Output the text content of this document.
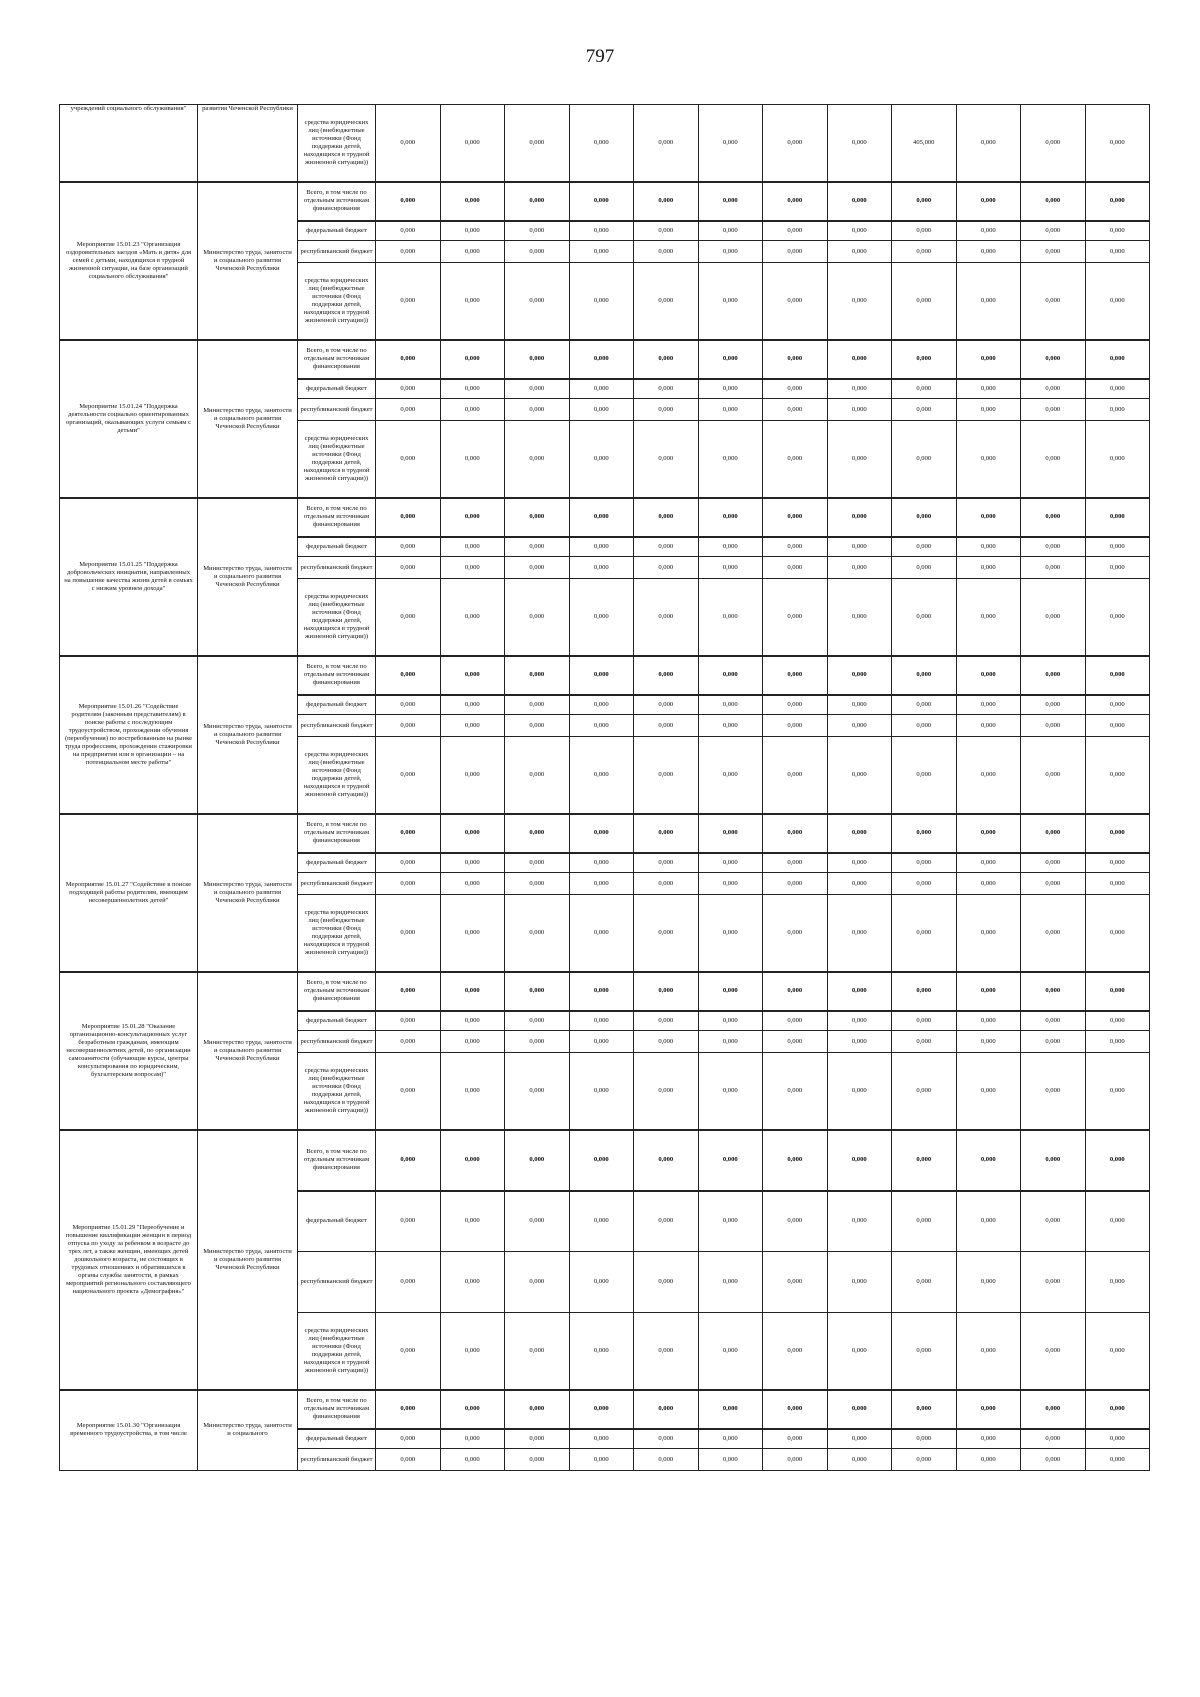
797
учреждений социального обслуживания"	развития Чеченской Республики	средства юридических лиц (внебюджетные источники (Фонд поддержки детей, находящихся в трудной жизненной ситуации))	0,000	0,000	0,000	0,000	0,000	0,000	0,000	0,000	405,000	0,000	0,000	0,000
Мероприятие 15.01.23 "Организация оздоровительных заездов «Мать и дитя» для семей с детьми, находящихся в трудной жизненной ситуации, на базе организаций социального обслуживания"	Министерство труда, занятости и социального развития Чеченской Республики	Всего, в том числе по отдельным источникам финансирования	0,000	0,000	0,000	0,000	0,000	0,000	0,000	0,000	0,000	0,000	0,000	0,000
		федеральный бюджет	0,000	0,000	0,000	0,000	0,000	0,000	0,000	0,000	0,000	0,000	0,000	0,000
		республиканский бюджет	0,000	0,000	0,000	0,000	0,000	0,000	0,000	0,000	0,000	0,000	0,000	0,000
		средства юридических лиц (внебюджетные источники (Фонд поддержки детей, находящихся в трудной жизненной ситуации))	0,000	0,000	0,000	0,000	0,000	0,000	0,000	0,000	0,000	0,000	0,000	0,000
Мероприятие 15.01.24 "Поддержка деятельности социально ориентированных организаций, оказывающих услуги семьям с детьми"	Министерство труда, занятости и социального развития Чеченской Республики	Всего, в том числе по отдельным источникам финансирования	0,000	0,000	0,000	0,000	0,000	0,000	0,000	0,000	0,000	0,000	0,000	0,000
		федеральный бюджет	0,000	0,000	0,000	0,000	0,000	0,000	0,000	0,000	0,000	0,000	0,000	0,000
		республиканский бюджет	0,000	0,000	0,000	0,000	0,000	0,000	0,000	0,000	0,000	0,000	0,000	0,000
		средства юридических лиц (внебюджетные источники (Фонд поддержки детей, находящихся в трудной жизненной ситуации))	0,000	0,000	0,000	0,000	0,000	0,000	0,000	0,000	0,000	0,000	0,000	0,000
Мероприятие 15.01.25 "Поддержка добровольческих инициатив, направленных на повышение качества жизни детей в семьях с низким уровнем дохода"	Министерство труда, занятости и социального развития Чеченской Республики	Всего, в том числе по отдельным источникам финансирования	0,000	0,000	0,000	0,000	0,000	0,000	0,000	0,000	0,000	0,000	0,000	0,000
		федеральный бюджет	0,000	0,000	0,000	0,000	0,000	0,000	0,000	0,000	0,000	0,000	0,000	0,000
		республиканский бюджет	0,000	0,000	0,000	0,000	0,000	0,000	0,000	0,000	0,000	0,000	0,000	0,000
		средства юридических лиц (внебюджетные источники (Фонд поддержки детей, находящихся в трудной жизненной ситуации))	0,000	0,000	0,000	0,000	0,000	0,000	0,000	0,000	0,000	0,000	0,000	0,000
Мероприятие 15.01.26 "Содействие родителям (законным представителям) в поиске работы с последующим трудоустройством, прохождении обучения (переобучения) по востребованным на рынке труда профессиям, прохождении стажировки на предприятии или в организации – на потенциальном месте работы"	Министерство труда, занятости и социального развития Чеченской Республики	Всего, в том числе по отдельным источникам финансирования	0,000	0,000	0,000	0,000	0,000	0,000	0,000	0,000	0,000	0,000	0,000	0,000
		федеральный бюджет	0,000	0,000	0,000	0,000	0,000	0,000	0,000	0,000	0,000	0,000	0,000	0,000
		республиканский бюджет	0,000	0,000	0,000	0,000	0,000	0,000	0,000	0,000	0,000	0,000	0,000	0,000
		средства юридических лиц (внебюджетные источники (Фонд поддержки детей, находящихся в трудной жизненной ситуации))	0,000	0,000	0,000	0,000	0,000	0,000	0,000	0,000	0,000	0,000	0,000	0,000
Мероприятие 15.01.27 "Содействие в поиске подходящей работы родителям, имеющим несовершеннолетних детей"	Министерство труда, занятости и социального развития Чеченской Республики	Всего, в том числе по отдельным источникам финансирования	0,000	0,000	0,000	0,000	0,000	0,000	0,000	0,000	0,000	0,000	0,000	0,000
		федеральный бюджет	0,000	0,000	0,000	0,000	0,000	0,000	0,000	0,000	0,000	0,000	0,000	0,000
		республиканский бюджет	0,000	0,000	0,000	0,000	0,000	0,000	0,000	0,000	0,000	0,000	0,000	0,000
		средства юридических лиц (внебюджетные источники (Фонд поддержки детей, находящихся в трудной жизненной ситуации))	0,000	0,000	0,000	0,000	0,000	0,000	0,000	0,000	0,000	0,000	0,000	0,000
Мероприятие 15.01.28 "Оказание организационно-консультационных услуг безработным гражданам, имеющим несовершеннолетних детей, по организации самозанятости (обучающие курсы, центры консультирования по юридическим, бухгалтерским вопросам)"	Министерство труда, занятости и социального развития Чеченской Республики	Всего, в том числе по отдельным источникам финансирования	0,000	0,000	0,000	0,000	0,000	0,000	0,000	0,000	0,000	0,000	0,000	0,000
		федеральный бюджет	0,000	0,000	0,000	0,000	0,000	0,000	0,000	0,000	0,000	0,000	0,000	0,000
		республиканский бюджет	0,000	0,000	0,000	0,000	0,000	0,000	0,000	0,000	0,000	0,000	0,000	0,000
		средства юридических лиц (внебюджетные источники (Фонд поддержки детей, находящихся в трудной жизненной ситуации))	0,000	0,000	0,000	0,000	0,000	0,000	0,000	0,000	0,000	0,000	0,000	0,000
Мероприятие 15.01.29 "Переобучение и повышение квалификации женщин в период отпуска по уходу за ребенком в возрасте до трех лет, а также женщин, имеющих детей дошкольного возраста, не состоящих в трудовых отношениях и обратившихся в органы службы занятости, в рамках мероприятий регионального составляющего национального проекта «Демография»"	Министерство труда, занятости и социального развития Чеченской Республики	Всего, в том числе по отдельным источникам финансирования	0,000	0,000	0,000	0,000	0,000	0,000	0,000	0,000	0,000	0,000	0,000	0,000
		федеральный бюджет	0,000	0,000	0,000	0,000	0,000	0,000	0,000	0,000	0,000	0,000	0,000	0,000
		республиканский бюджет	0,000	0,000	0,000	0,000	0,000	0,000	0,000	0,000	0,000	0,000	0,000	0,000
		средства юридических лиц (внебюджетные источники (Фонд поддержки детей, находящихся в трудной жизненной ситуации))	0,000	0,000	0,000	0,000	0,000	0,000	0,000	0,000	0,000	0,000	0,000	0,000
Мероприятие 15.01.30 "Организация временного трудоустройства, в том числе	Министерство труда, занятости и социального	Всего, в том числе по отдельным источникам финансирования	0,000	0,000	0,000	0,000	0,000	0,000	0,000	0,000	0,000	0,000	0,000	0,000
		федеральный бюджет	0,000	0,000	0,000	0,000	0,000	0,000	0,000	0,000	0,000	0,000	0,000	0,000
		республиканский бюджет	0,000	0,000	0,000	0,000	0,000	0,000	0,000	0,000	0,000	0,000	0,000	0,000
